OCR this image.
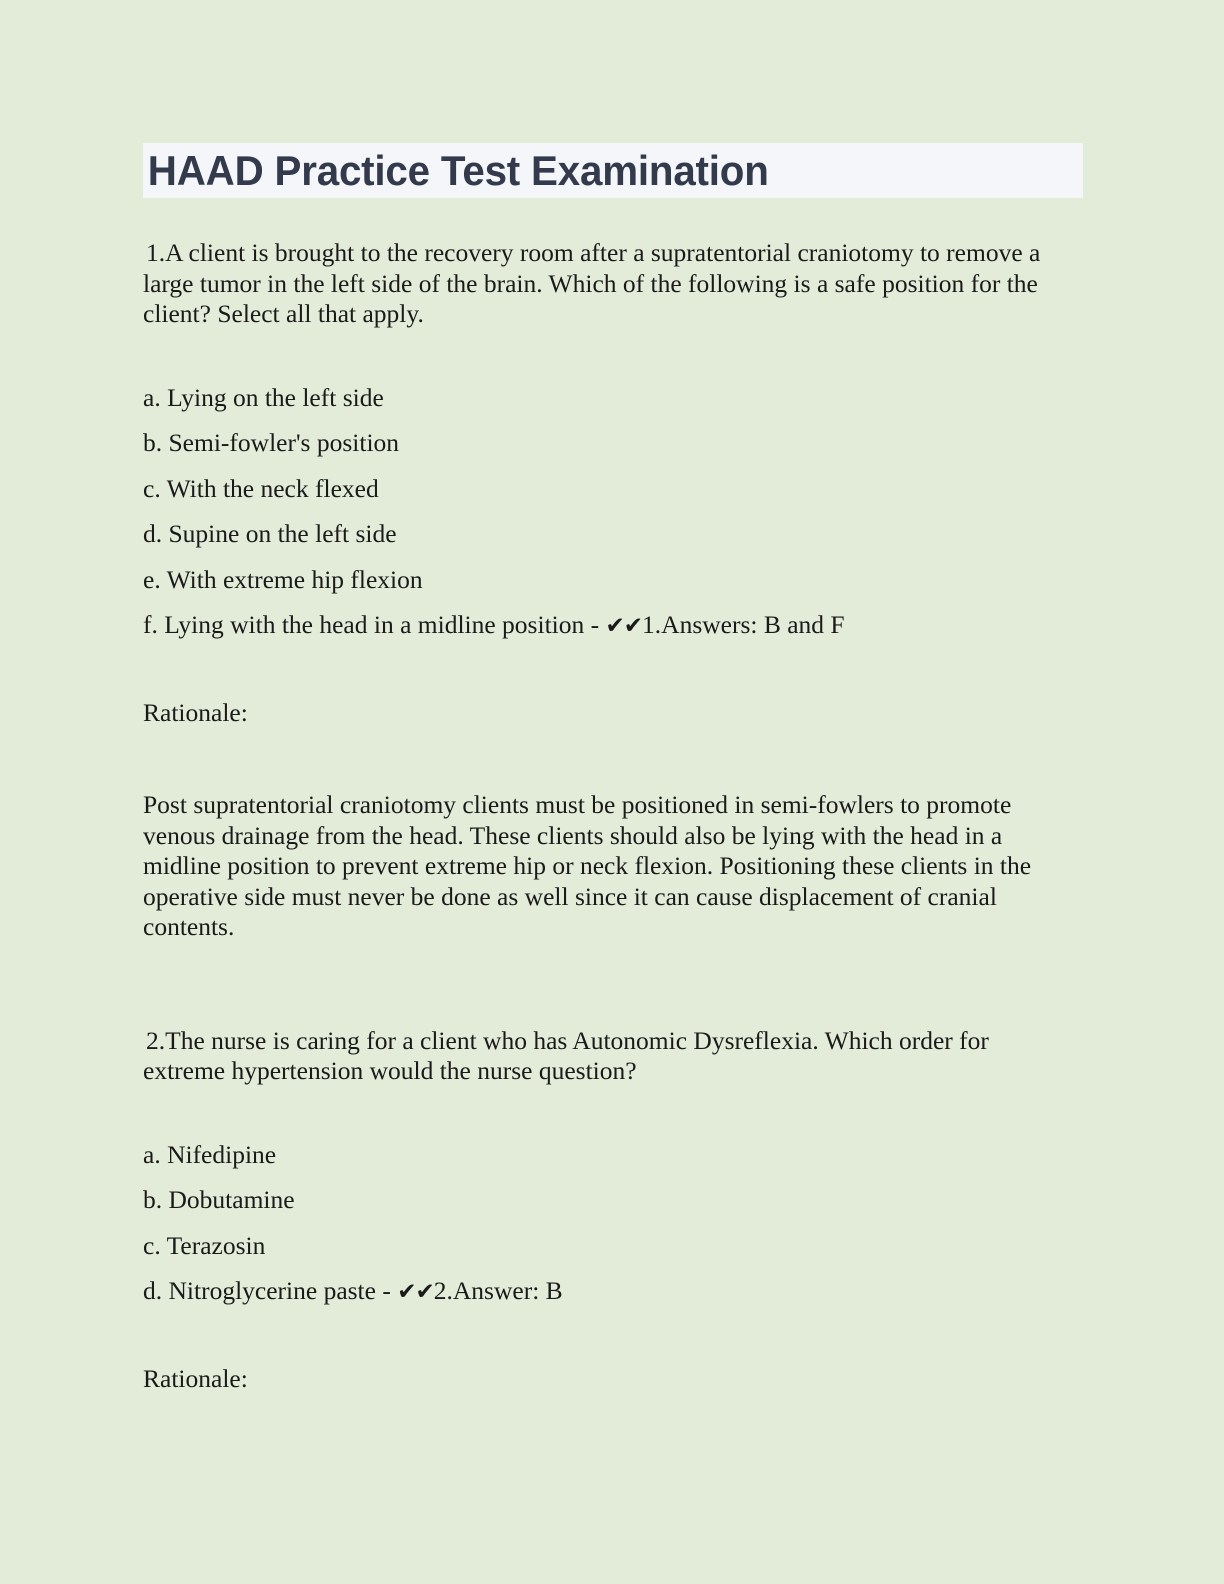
HAAD Practice Test Examination

1.A client is brought to the recovery room after a supratentorial craniotomy to remove a large tumor in the left side of the brain. Which of the following is a safe position for the client? Select all that apply.

a. Lying on the left side

b. Semi-fowler's position

c. With the neck flexed

d. Supine on the left side

e. With extreme hip flexion

f. Lying with the head in a midline position - ✔✔1.Answers: B and F

Rationale:

Post supratentorial craniotomy clients must be positioned in semi-fowlers to promote venous drainage from the head. These clients should also be lying with the head in a midline position to prevent extreme hip or neck flexion. Positioning these clients in the operative side must never be done as well since it can cause displacement of cranial contents.

2.The nurse is caring for a client who has Autonomic Dysreflexia. Which order for extreme hypertension would the nurse question?

a. Nifedipine

b. Dobutamine

c. Terazosin

d. Nitroglycerine paste - ✔✔2.Answer: B

Rationale:
